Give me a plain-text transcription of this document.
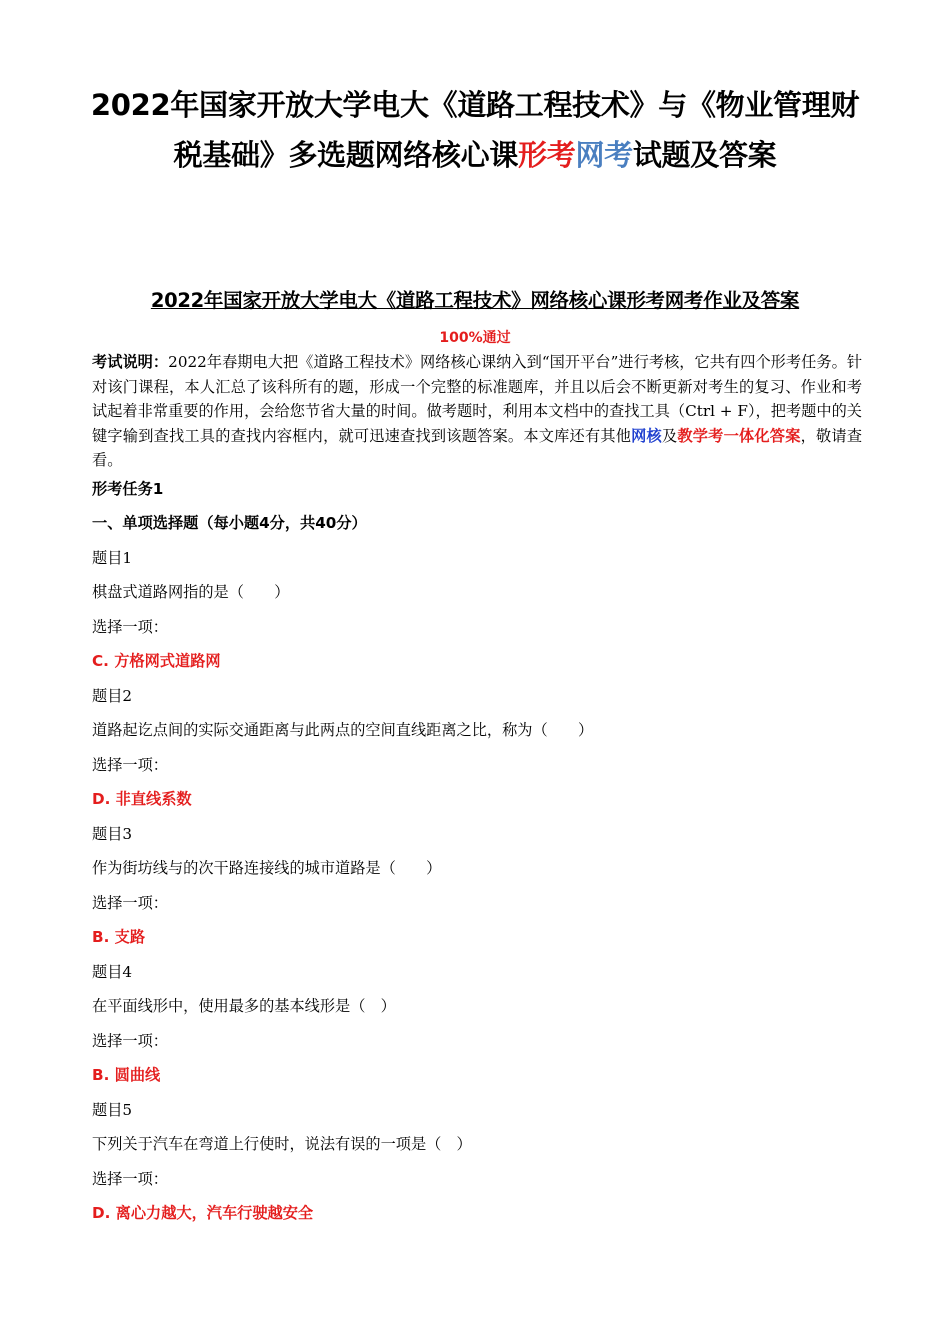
2022年国家开放大学电大《道路工程技术》与《物业管理财
税基础》多选题网络核心课形考网考试题及答案
2022年国家开放大学电大《道路工程技术》网络核心课形考网考作业及答案
100%通过
考试说明：2022年春期电大把《道路工程技术》网络核心课纳入到“国开平台”进行考核，它共有四个形考任务。针对该门课程，本人汇总了该科所有的题，形成一个完整的标准题库，并且以后会不断更新对考生的复习、作业和考试起着非常重要的作用，会给您节省大量的时间。做考题时，利用本文档中的查找工具（Ctrl + F），把考题中的关键字输到查找工具的查找内容框内，就可迅速查找到该题答案。本文库还有其他网核及教学考一体化答案，敬请查看。
形考任务1
一、单项选择题（每小题4分，共40分）
题目1
棋盘式道路网指的是（　　）
选择一项：
C. 方格网式道路网
题目2
道路起讫点间的实际交通距离与此两点的空间直线距离之比，称为（　　）
选择一项：
D. 非直线系数
题目3
作为街坊线与的次干路连接线的城市道路是（　　）
选择一项：
B. 支路
题目4
在平面线形中，使用最多的基本线形是（　）
选择一项：
B. 圆曲线
题目5
下列关于汽车在弯道上行使时，说法有误的一项是（　）
选择一项：
D. 离心力越大，汽车行驶越安全
